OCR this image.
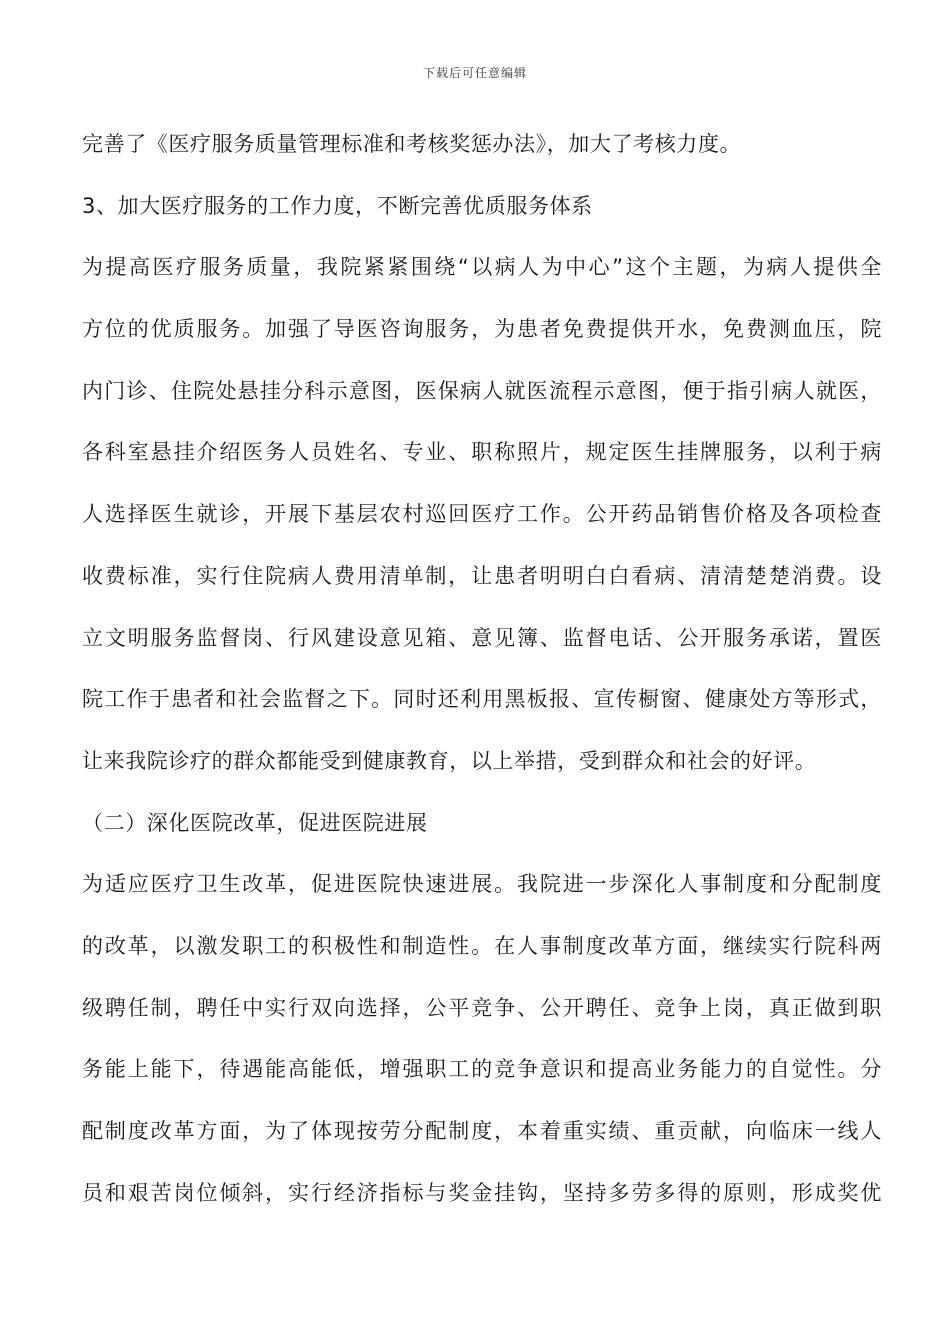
下载后可任意编辑
完善了《医疗服务质量管理标准和考核奖惩办法》，加大了考核力度。
3、加大医疗服务的工作力度，不断完善优质服务体系
为提高医疗服务质量，我院紧紧围绕“以病人为中心”这个主题，为病人提供全
方位的优质服务。加强了导医咨询服务，为患者免费提供开水，免费测血压，院
内门诊、住院处悬挂分科示意图，医保病人就医流程示意图，便于指引病人就医，
各科室悬挂介绍医务人员姓名、专业、职称照片，规定医生挂牌服务，以利于病
人选择医生就诊，开展下基层农村巡回医疗工作。公开药品销售价格及各项检查
收费标准，实行住院病人费用清单制，让患者明明白白看病、清清楚楚消费。设
立文明服务监督岗、行风建设意见箱、意见簿、监督电话、公开服务承诺，置医
院工作于患者和社会监督之下。同时还利用黑板报、宣传橱窗、健康处方等形式，
让来我院诊疗的群众都能受到健康教育，以上举措，受到群众和社会的好评。
（二）深化医院改革，促进医院进展
为适应医疗卫生改革，促进医院快速进展。我院进一步深化人事制度和分配制度
的改革，以激发职工的积极性和制造性。在人事制度改革方面，继续实行院科两
级聘任制，聘任中实行双向选择，公平竞争、公开聘任、竞争上岗，真正做到职
务能上能下，待遇能高能低，增强职工的竞争意识和提高业务能力的自觉性。分
配制度改革方面，为了体现按劳分配制度，本着重实绩、重贡献，向临床一线人
员和艰苦岗位倾斜，实行经济指标与奖金挂钩，坚持多劳多得的原则，形成奖优
